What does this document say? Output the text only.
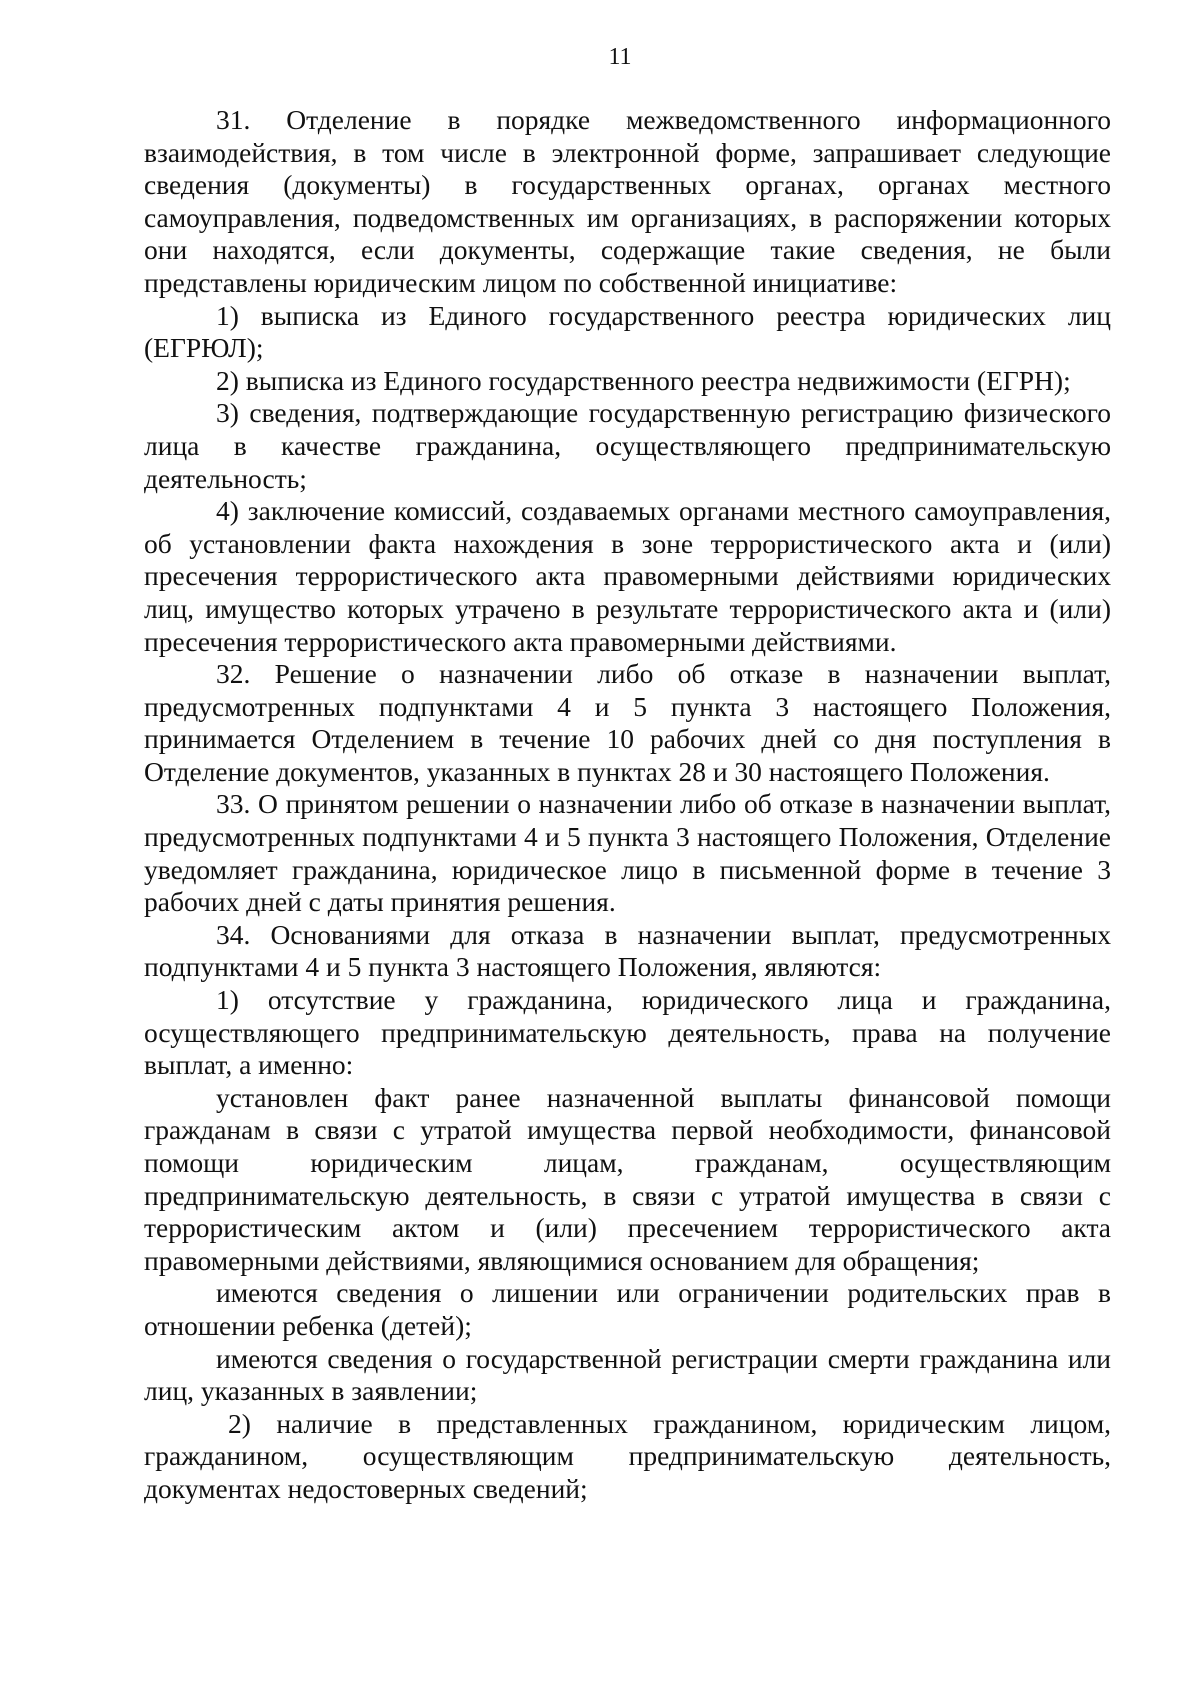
11

31. Отделение в порядке межведомственного информационного взаимодействия, в том числе в электронной форме, запрашивает следующие сведения (документы) в государственных органах, органах местного самоуправления, подведомственных им организациях, в распоряжении которых они находятся, если документы, содержащие такие сведения, не были представлены юридическим лицом по собственной инициативе:

1) выписка из Единого государственного реестра юридических лиц (ЕГРЮЛ);

2) выписка из Единого государственного реестра недвижимости (ЕГРН);

3) сведения, подтверждающие государственную регистрацию физического лица в качестве гражданина, осуществляющего предпринимательскую деятельность;

4) заключение комиссий, создаваемых органами местного самоуправления, об установлении факта нахождения в зоне террористического акта и (или) пресечения террористического акта правомерными действиями юридических лиц, имущество которых утрачено в результате террористического акта и (или) пресечения террористического акта правомерными действиями.

32. Решение о назначении либо об отказе в назначении выплат, предусмотренных подпунктами 4 и 5 пункта 3 настоящего Положения, принимается Отделением в течение 10 рабочих дней со дня поступления в Отделение документов, указанных в пунктах 28 и 30 настоящего Положения.

33. О принятом решении о назначении либо об отказе в назначении выплат, предусмотренных подпунктами 4 и 5 пункта 3 настоящего Положения, Отделение уведомляет гражданина, юридическое лицо в письменной форме в течение 3 рабочих дней с даты принятия решения.

34. Основаниями для отказа в назначении выплат, предусмотренных подпунктами 4 и 5 пункта 3 настоящего Положения, являются:

1) отсутствие у гражданина, юридического лица и гражданина, осуществляющего предпринимательскую деятельность, права на получение выплат, а именно:

установлен факт ранее назначенной выплаты финансовой помощи гражданам в связи с утратой имущества первой необходимости, финансовой помощи юридическим лицам, гражданам, осуществляющим предпринимательскую деятельность, в связи с утратой имущества в связи с террористическим актом и (или) пресечением террористического акта правомерными действиями, являющимися основанием для обращения;

имеются сведения о лишении или ограничении родительских прав в отношении ребенка (детей);

имеются сведения о государственной регистрации смерти гражданина или лиц, указанных в заявлении;

2) наличие в представленных гражданином, юридическим лицом, гражданином, осуществляющим предпринимательскую деятельность, документах недостоверных сведений;
